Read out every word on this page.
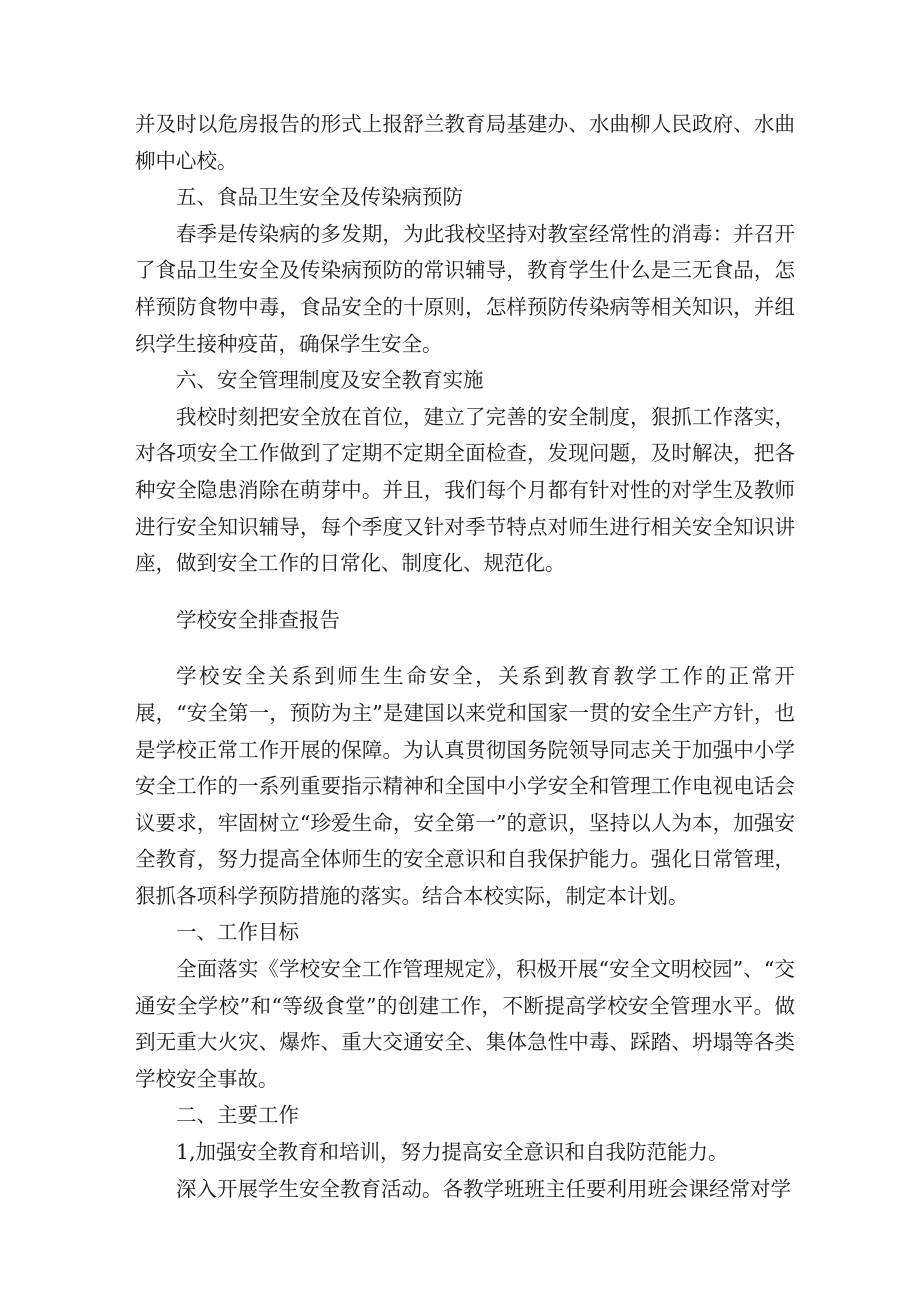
并及时以危房报告的形式上报舒兰教育局基建办、水曲柳人民政府、水曲柳中心校。

五、食品卫生安全及传染病预防

春季是传染病的多发期，为此我校坚持对教室经常性的消毒：并召开了食品卫生安全及传染病预防的常识辅导，教育学生什么是三无食品，怎样预防食物中毒，食品安全的十原则，怎样预防传染病等相关知识，并组织学生接种疫苗，确保学生安全。

六、安全管理制度及安全教育实施

我校时刻把安全放在首位，建立了完善的安全制度，狠抓工作落实，对各项安全工作做到了定期不定期全面检查，发现问题，及时解决，把各种安全隐患消除在萌芽中。并且，我们每个月都有针对性的对学生及教师进行安全知识辅导，每个季度又针对季节特点对师生进行相关安全知识讲座，做到安全工作的日常化、制度化、规范化。

学校安全排查报告

学校安全关系到师生生命安全，关系到教育教学工作的正常开展，“安全第一，预防为主”是建国以来党和国家一贯的安全生产方针，也是学校正常工作开展的保障。为认真贯彻国务院领导同志关于加强中小学安全工作的一系列重要指示精神和全国中小学安全和管理工作电视电话会议要求，牢固树立“珍爱生命，安全第一”的意识，坚持以人为本，加强安全教育，努力提高全体师生的安全意识和自我保护能力。强化日常管理，狠抓各项科学预防措施的落实。结合本校实际，制定本计划。

一、工作目标

全面落实《学校安全工作管理规定》，积极开展“安全文明校园”、“交通安全学校”和“等级食堂”的创建工作，不断提高学校安全管理水平。做到无重大火灾、爆炸、重大交通安全、集体急性中毒、踩踏、坍塌等各类学校安全事故。

二、主要工作

1,加强安全教育和培训，努力提高安全意识和自我防范能力。

深入开展学生安全教育活动。各教学班班主任要利用班会课经常对学
